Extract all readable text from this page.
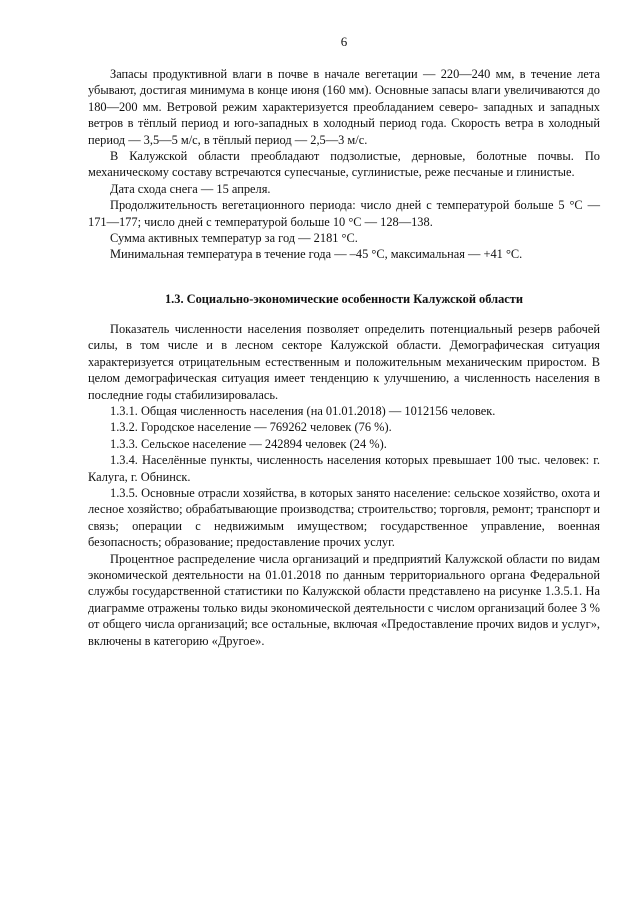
6

Запасы продуктивной влаги в почве в начале вегетации — 220—240 мм, в течение лета убывают, достигая минимума в конце июня (160 мм). Основные запасы влаги увеличиваются до 180—200 мм. Ветровой режим характеризуется преобладанием северо- западных и западных ветров в тёплый период и юго-западных в холодный период года. Скорость ветра в холодный период — 3,5—5 м/с, в тёплый период — 2,5—3 м/с.

В Калужской области преобладают подзолистые, дерновые, болотные почвы. По механическому составу встречаются супесчаные, суглинистые, реже песчаные и глинистые.

Дата схода снега — 15 апреля.

Продолжительность вегетационного периода: число дней с температурой больше 5 °С — 171—177; число дней с температурой больше 10 °С — 128—138.

Сумма активных температур за год — 2181 °С.

Минимальная температура в течение года — –45 °С, максимальная — +41 °С.

1.3. Социально-экономические особенности Калужской области

Показатель численности населения позволяет определить потенциальный резерв рабочей силы, в том числе и в лесном секторе Калужской области. Демографическая ситуация характеризуется отрицательным естественным и положительным механическим приростом. В целом демографическая ситуация имеет тенденцию к улучшению, а численность населения в последние годы стабилизировалась.

1.3.1. Общая численность населения (на 01.01.2018) — 1012156 человек.

1.3.2. Городское население — 769262 человек (76 %).

1.3.3. Сельское население — 242894 человек (24 %).

1.3.4. Населённые пункты, численность населения которых превышает 100 тыс. человек: г. Калуга, г. Обнинск.

1.3.5. Основные отрасли хозяйства, в которых занято население: сельское хозяйство, охота и лесное хозяйство; обрабатывающие производства; строительство; торговля, ремонт; транспорт и связь; операции с недвижимым имуществом; государственное управление, военная безопасность; образование; предоставление прочих услуг.

Процентное распределение числа организаций и предприятий Калужской области по видам экономической деятельности на 01.01.2018 по данным территориального органа Федеральной службы государственной статистики по Калужской области представлено на рисунке 1.3.5.1. На диаграмме отражены только виды экономической деятельности с числом организаций более 3 % от общего числа организаций; все остальные, включая «Предоставление прочих видов и услуг», включены в категорию «Другое».
